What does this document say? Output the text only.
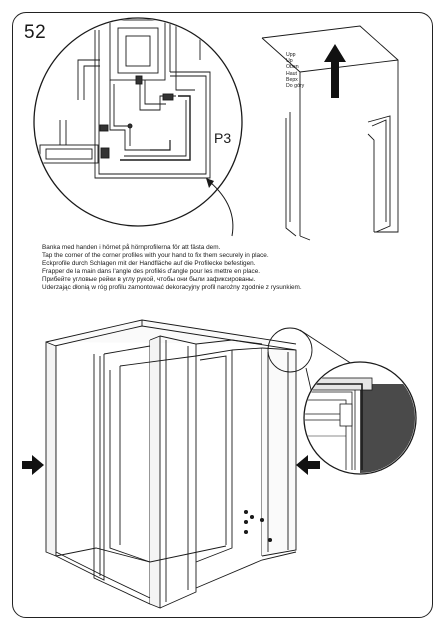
52
P3
Upp
Up
Oben
Haut
Верх
Do góry
Banka med handen i hörnet på hörnprofilerna för att fästa dem.
Tap the corner of the corner profiles with your hand to fix them securely in place.
Eckprofile durch Schlagen mit der Handfläche auf die Profilecke befestigen.
Frapper de la main dans l'angle des profilés d'angle pour les mettre en place.
Прибейте угловые рейки в углу рукой, чтобы они были зафиксированы.
Uderzając dłonią w róg profilu zamontować dekoracyjny profil narożny zgodnie z rysunkiem.
